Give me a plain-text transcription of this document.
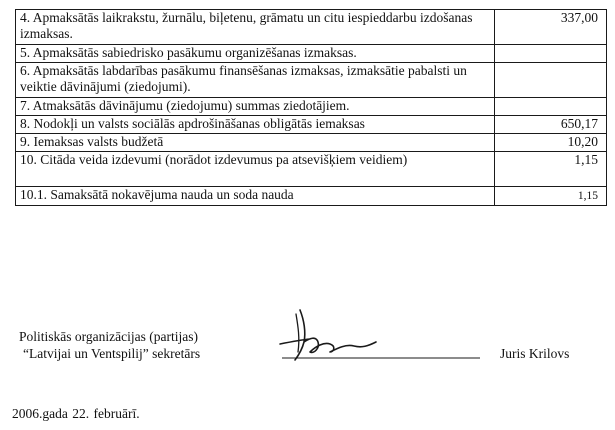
4. Apmaksātās laikrakstu, žurnālu, biļetenu, grāmatu un citu iespieddarbu izdošanas izmaksas.	337,00
5. Apmaksātās sabiedrisko pasākumu organizēšanas izmaksas.	
6. Apmaksātās labdarības pasākumu finansēšanas izmaksas, izmaksātie pabalsti un veiktie dāvinājumi (ziedojumi).	
7. Atmaksātās dāvinājumu (ziedojumu) summas ziedotājiem.	
8. Nodokļi un valsts sociālās apdrošināšanas obligātās iemaksas	650,17
9. Iemaksas valsts budžetā	10,20
10. Citāda veida izdevumi (norādot izdevumus pa atsevišķiem veidiem)	1,15
10.1. Samaksātā nokavējuma nauda un soda nauda	1,15
Politiskās organizācijas (partijas)
“Latvijai un Ventspilij” sekretārs	Juris Krilovs
2006.gada 22. februārī.
